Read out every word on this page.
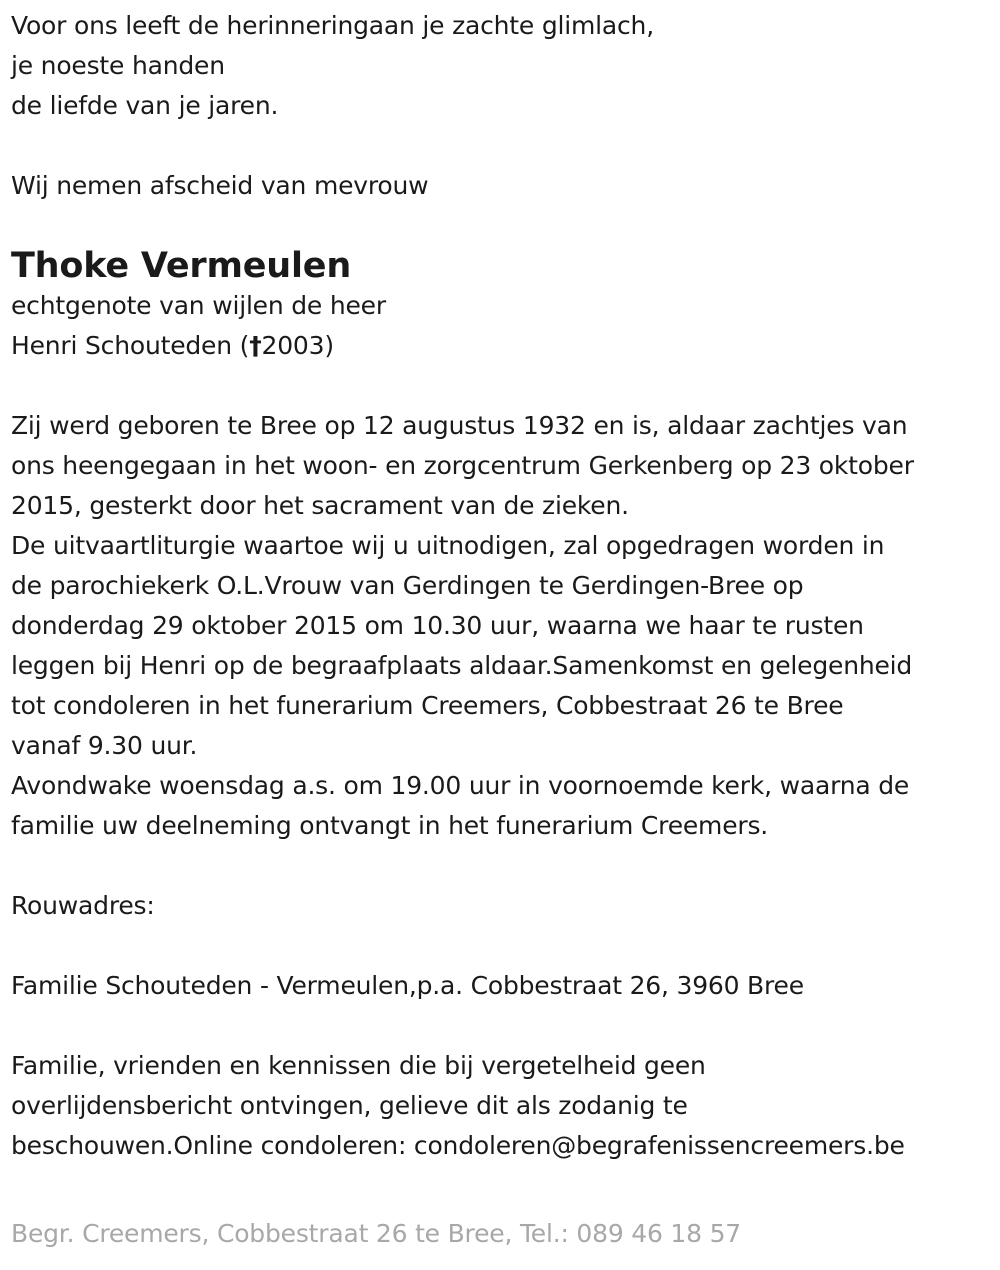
Voor ons leeft de herinneringaan je zachte glimlach,
je noeste handen
de liefde van je jaren.
Wij nemen afscheid van mevrouw
Thoke Vermeulen
echtgenote van wijlen de heer
Henri Schouteden (†2003)
Zij werd geboren te Bree op 12 augustus 1932 en is, aldaar zachtjes van
ons heengegaan in het woon- en zorgcentrum Gerkenberg op 23 oktober
2015, gesterkt door het sacrament van de zieken.
De uitvaartliturgie waartoe wij u uitnodigen, zal opgedragen worden in
de parochiekerk O.L.Vrouw van Gerdingen te Gerdingen-Bree op
donderdag 29 oktober 2015 om 10.30 uur, waarna we haar te rusten
leggen bij Henri op de begraafplaats aldaar.Samenkomst en gelegenheid
tot condoleren in het funerarium Creemers, Cobbestraat 26 te Bree
vanaf 9.30 uur.
Avondwake woensdag a.s. om 19.00 uur in voornoemde kerk, waarna de
familie uw deelneming ontvangt in het funerarium Creemers.
Rouwadres:
Familie Schouteden - Vermeulen,p.a. Cobbestraat 26, 3960 Bree
Familie, vrienden en kennissen die bij vergetelheid geen
overlijdensbericht ontvingen, gelieve dit als zodanig te
beschouwen.Online condoleren: condoleren@begrafenissencreemers.be
Begr. Creemers, Cobbestraat 26 te Bree, Tel.: 089 46 18 57
